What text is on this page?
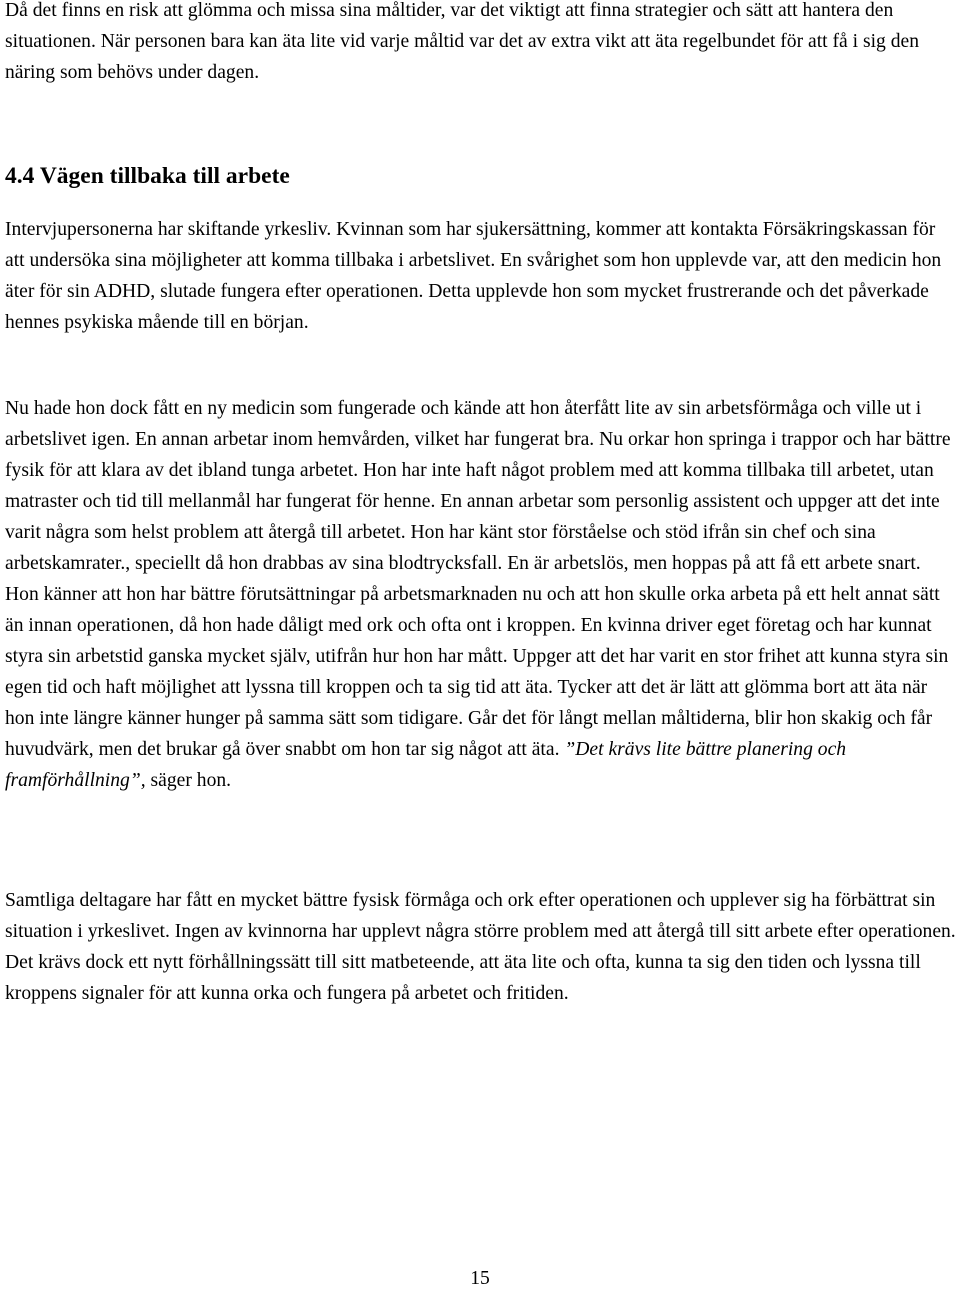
Då det finns en risk att glömma och missa sina måltider, var det viktigt att finna strategier och sätt att hantera den situationen. När personen bara kan äta lite vid varje måltid var det av extra vikt att äta regelbundet för att få i sig den näring som behövs under dagen.

4.4 Vägen tillbaka till arbete

Intervjupersonerna har skiftande yrkesliv. Kvinnan som har sjukersättning, kommer att kontakta Försäkringskassan för att undersöka sina möjligheter att komma tillbaka i arbetslivet. En svårighet som hon upplevde var, att den medicin hon äter för sin ADHD, slutade fungera efter operationen. Detta upplevde hon som mycket frustrerande och det påverkade hennes psykiska mående till en början.

Nu hade hon dock fått en ny medicin som fungerade och kände att hon återfått lite av sin arbetsförmåga och ville ut i arbetslivet igen. En annan arbetar inom hemvården, vilket har fungerat bra. Nu orkar hon springa i trappor och har bättre fysik för att klara av det ibland tunga arbetet. Hon har inte haft något problem med att komma tillbaka till arbetet, utan matraster och tid till mellanmål har fungerat för henne. En annan arbetar som personlig assistent och uppger att det inte varit några som helst problem att återgå till arbetet. Hon har känt stor förståelse och stöd ifrån sin chef och sina arbetskamrater., speciellt då hon drabbas av sina blodtrycksfall. En är arbetslös, men hoppas på att få ett arbete snart. Hon känner att hon har bättre förutsättningar på arbetsmarknaden nu och att hon skulle orka arbeta på ett helt annat sätt än innan operationen, då hon hade dåligt med ork och ofta ont i kroppen. En kvinna driver eget företag och har kunnat styra sin arbetstid ganska mycket själv, utifrån hur hon har mått. Uppger att det har varit en stor frihet att kunna styra sin egen tid och haft möjlighet att lyssna till kroppen och ta sig tid att äta. Tycker att det är lätt att glömma bort att äta när hon inte längre känner hunger på samma sätt som tidigare. Går det för långt mellan måltiderna, blir hon skakig och får huvudvärk, men det brukar gå över snabbt om hon tar sig något att äta. ”Det krävs lite bättre planering och framförhållning”, säger hon.

Samtliga deltagare har fått en mycket bättre fysisk förmåga och ork efter operationen och upplever sig ha förbättrat sin situation i yrkeslivet. Ingen av kvinnorna har upplevt några större problem med att återgå till sitt arbete efter operationen. Det krävs dock ett nytt förhållningssätt till sitt matbeteende, att äta lite och ofta, kunna ta sig den tiden och lyssna till kroppens signaler för att kunna orka och fungera på arbetet och fritiden.

15
